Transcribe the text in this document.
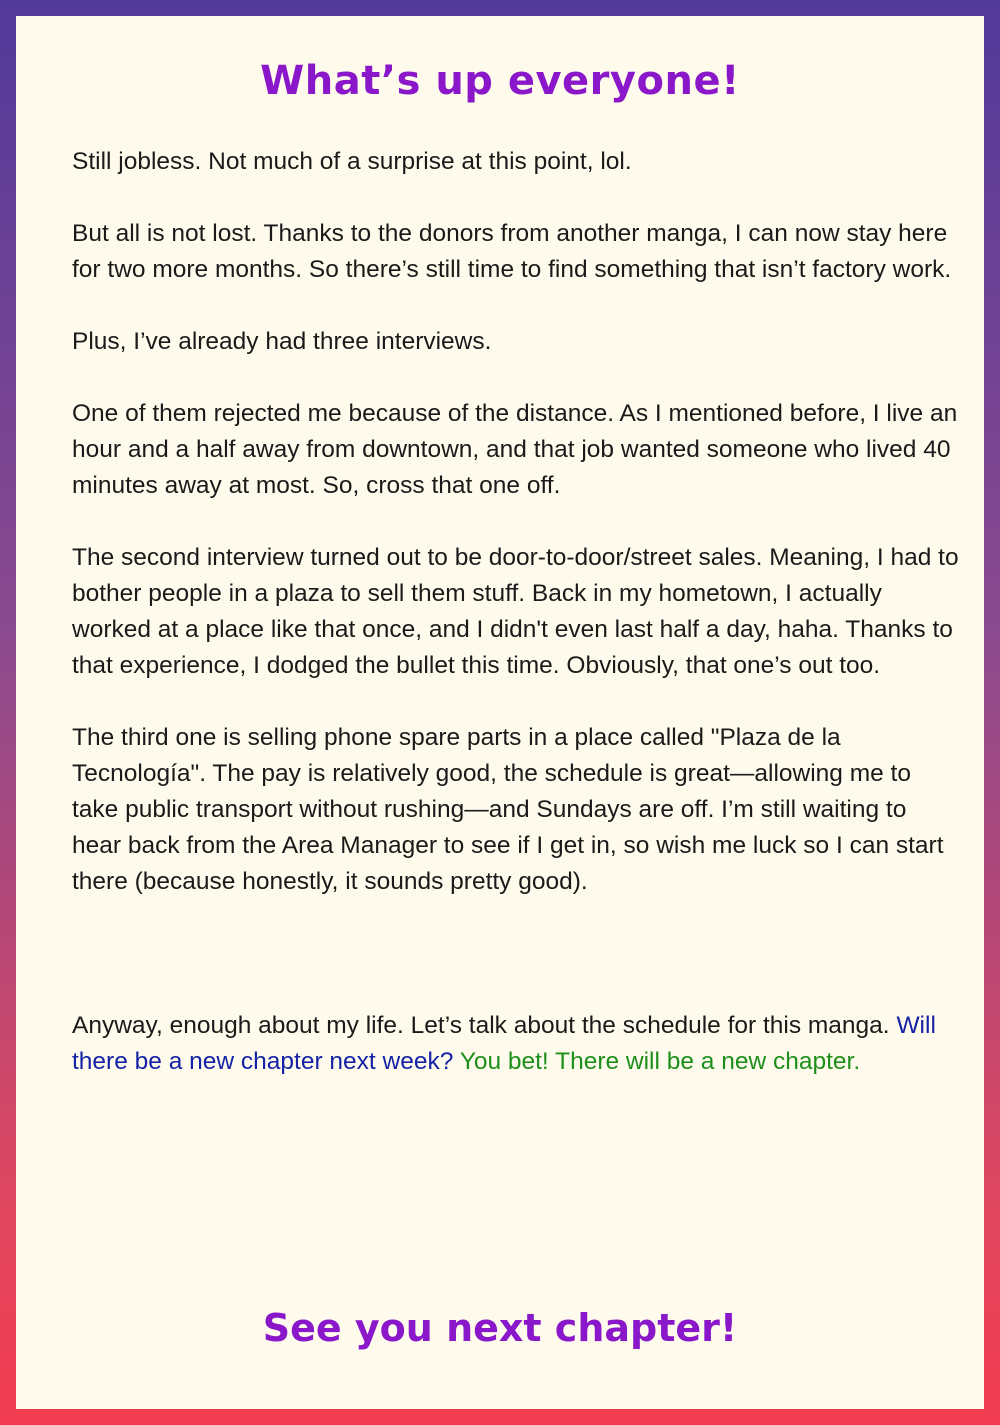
What’s up everyone!

Still jobless. Not much of a surprise at this point, lol.

But all is not lost. Thanks to the donors from another manga, I can now stay here for two more months. So there’s still time to find something that isn’t factory work.

Plus, I’ve already had three interviews.

One of them rejected me because of the distance. As I mentioned before, I live an hour and a half away from downtown, and that job wanted someone who lived 40 minutes away at most. So, cross that one off.

The second interview turned out to be door-to-door/street sales. Meaning, I had to bother people in a plaza to sell them stuff. Back in my hometown, I actually worked at a place like that once, and I didn't even last half a day, haha. Thanks to that experience, I dodged the bullet this time. Obviously, that one’s out too.

The third one is selling phone spare parts in a place called "Plaza de la Tecnología". The pay is relatively good, the schedule is great—allowing me to take public transport without rushing—and Sundays are off. I’m still waiting to hear back from the Area Manager to see if I get in, so wish me luck so I can start there (because honestly, it sounds pretty good).

Anyway, enough about my life. Let’s talk about the schedule for this manga. Will there be a new chapter next week? You bet! There will be a new chapter.

See you next chapter!
